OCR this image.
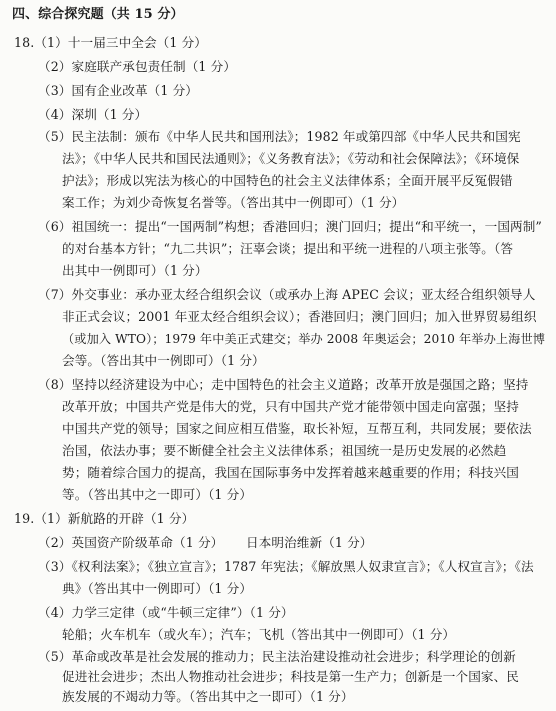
四、综合探究题（共 15 分）
18.（1）十一届三中全会（1 分）
（2）家庭联产承包责任制（1 分）
（3）国有企业改革（1 分）
（4）深圳（1 分）
（5）民主法制：颁布《中华人民共和国刑法》；1982 年或第四部《中华人民共和国宪
法》；《中华人民共和国民法通则》；《义务教育法》；《劳动和社会保障法》；《环境保
护法》；形成以宪法为核心的中国特色的社会主义法律体系；全面开展平反冤假错
案工作；为刘少奇恢复名誉等。（答出其中一例即可）（1 分）
（6）祖国统一：提出“一国两制”构想；香港回归；澳门回归；提出“和平统一，一国两制”
的对台基本方针；“九二共识”；汪辜会谈；提出和平统一进程的八项主张等。（答
出其中一例即可）（1 分）
（7）外交事业：承办亚太经合组织会议（或承办上海 APEC 会议；亚太经合组织领导人
非正式会议；2001 年亚太经合组织会议）；香港回归；澳门回归；加入世界贸易组织
（或加入 WTO）；1979 年中美正式建交；举办 2008 年奥运会；2010 年举办上海世博
会等。（答出其中一例即可）（1 分）
（8）坚持以经济建设为中心；走中国特色的社会主义道路；改革开放是强国之路；坚持
改革开放；中国共产党是伟大的党，只有中国共产党才能带领中国走向富强；坚持
中国共产党的领导；国家之间应相互借鉴，取长补短，互帮互利，共同发展；要依法
治国，依法办事；要不断健全社会主义法律体系；祖国统一是历史发展的必然趋
势；随着综合国力的提高，我国在国际事务中发挥着越来越重要的作用；科技兴国
等。（答出其中之一即可）（1 分）
19.（1）新航路的开辟（1 分）
（2）英国资产阶级革命（1 分） 日本明治维新（1 分）
（3）《权利法案》；《独立宣言》；1787 年宪法；《解放黑人奴隶宣言》；《人权宣言》；《法
典》（答出其中一例即可）（1 分）
（4）力学三定律（或“牛顿三定律”）（1 分）
轮船；火车机车（或火车）；汽车；飞机（答出其中一例即可）（1 分）
（5）革命或改革是社会发展的推动力；民主法治建设推动社会进步；科学理论的创新
促进社会进步；杰出人物推动社会进步；科技是第一生产力；创新是一个国家、民
族发展的不竭动力等。（答出其中之一即可）（1 分）
